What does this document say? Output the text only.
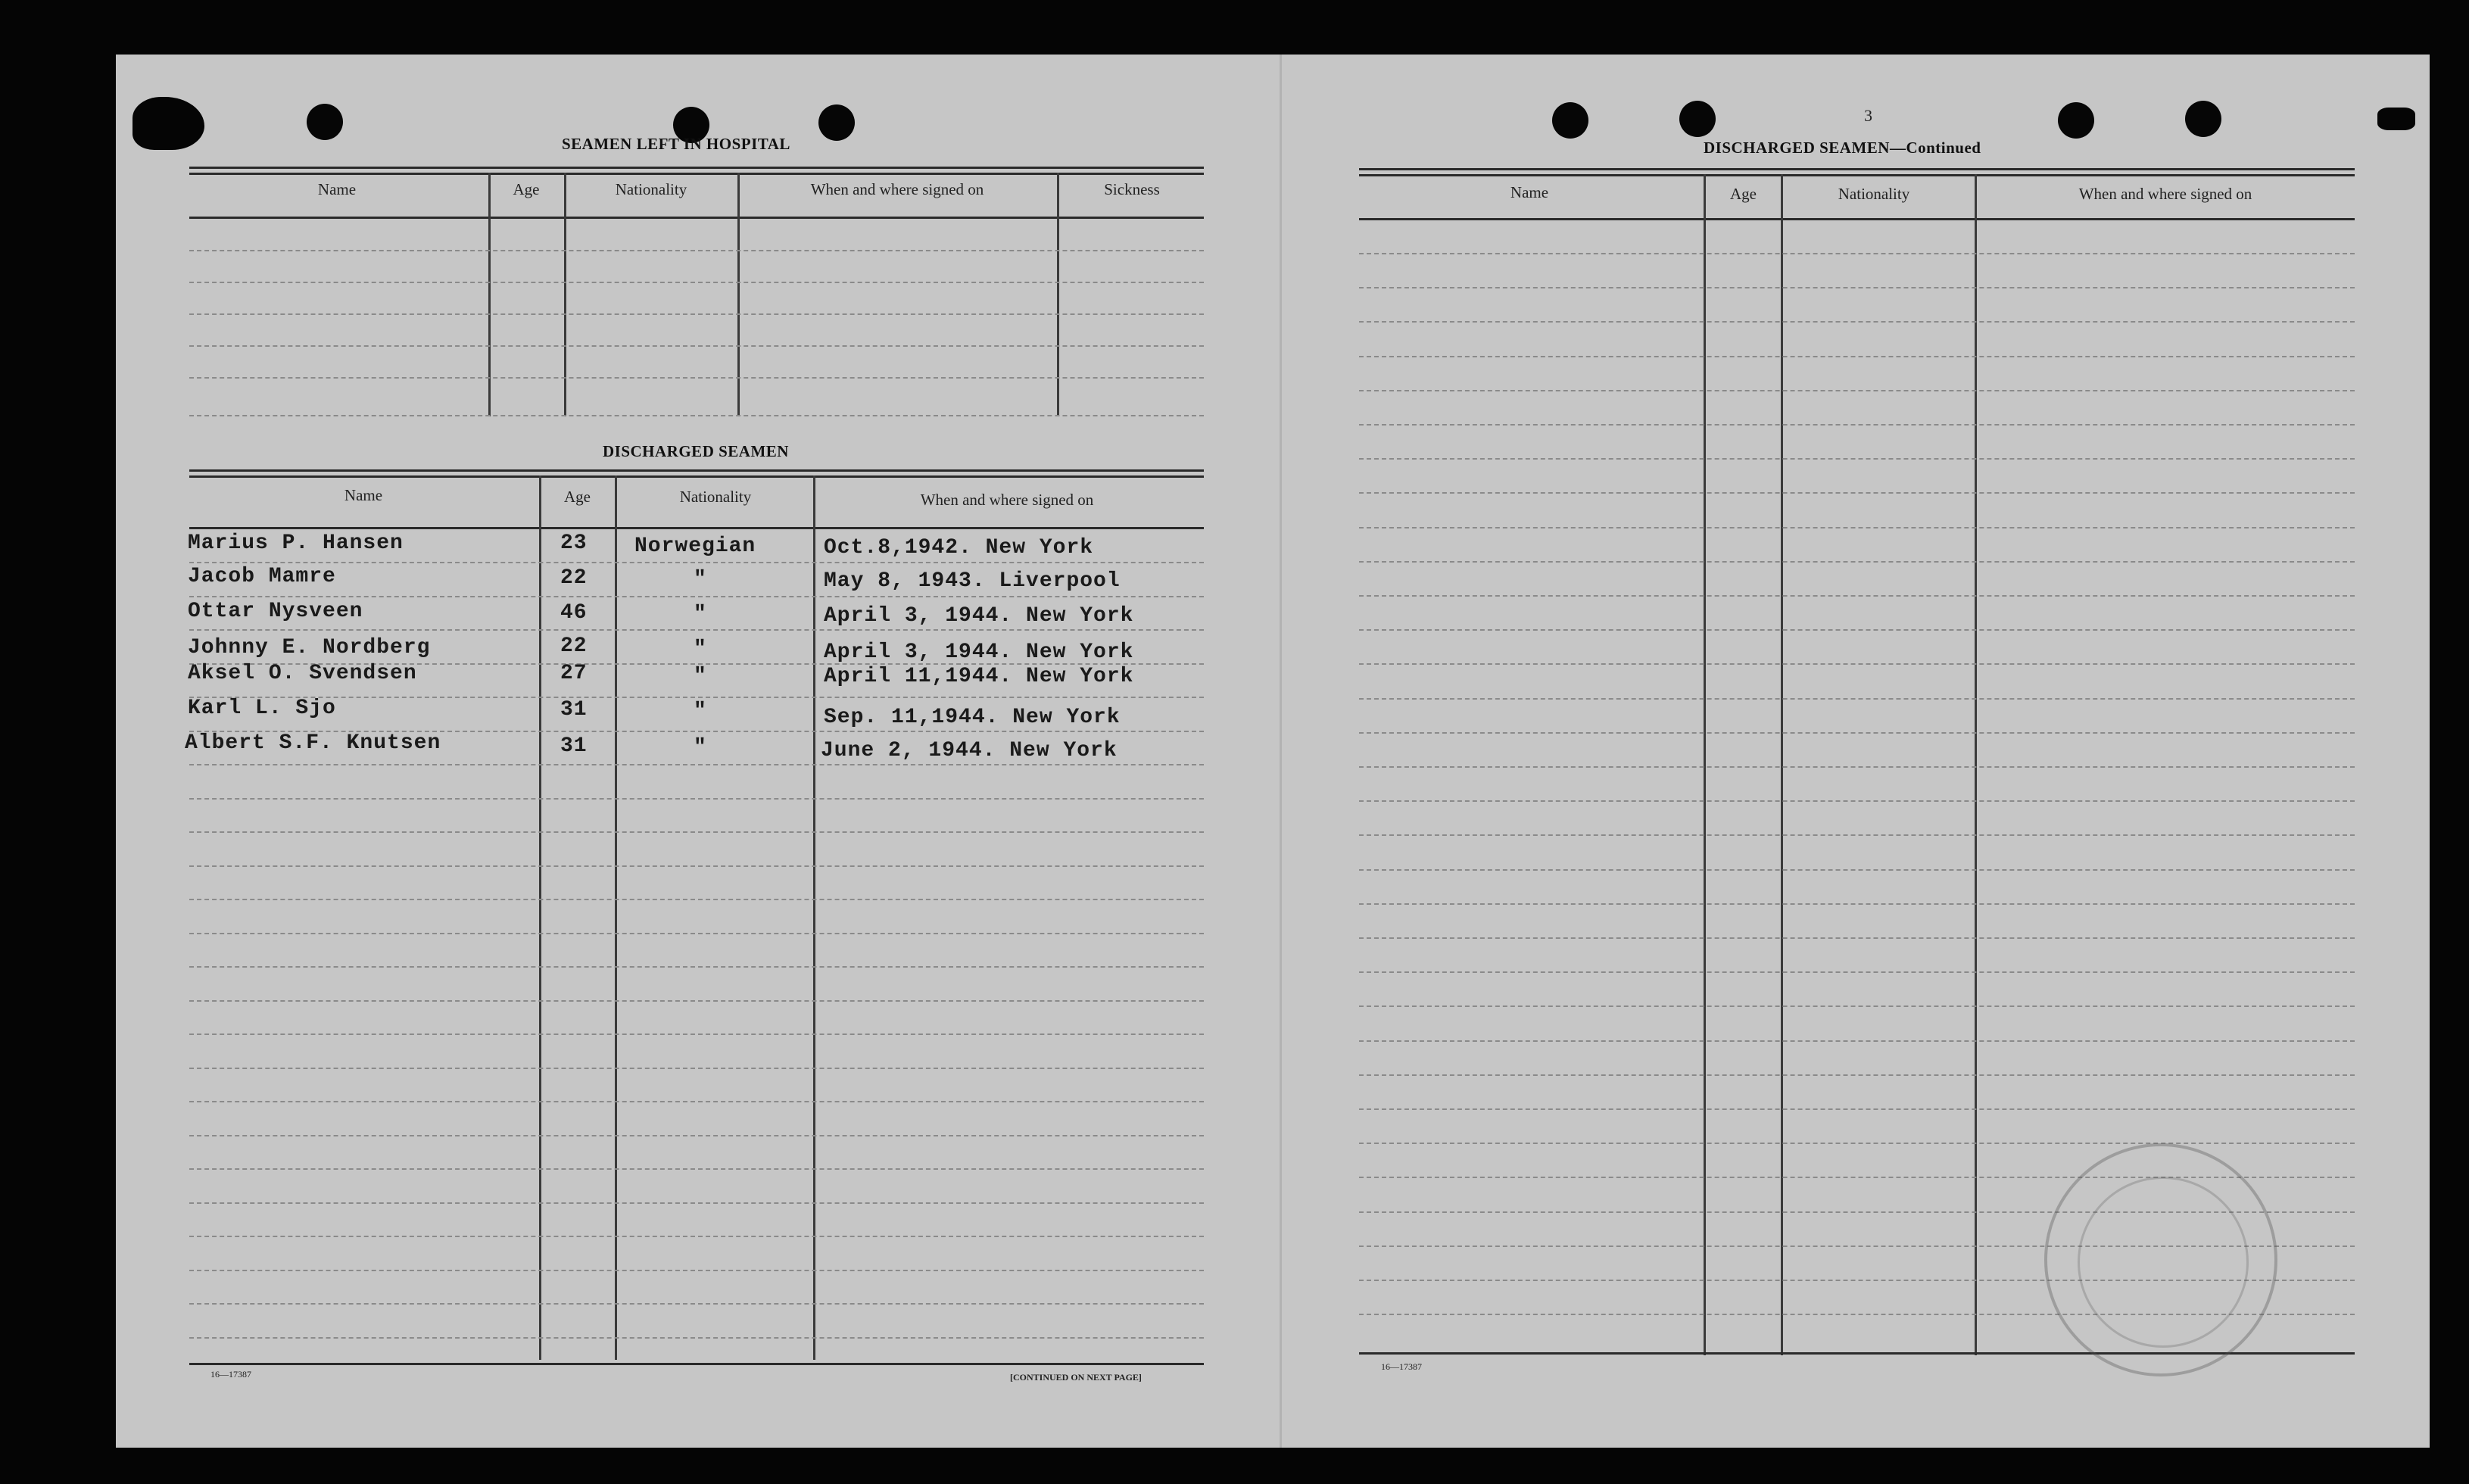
SEAMEN LEFT IN HOSPITAL
Name	Age	Nationality	When and where signed on	Sickness
DISCHARGED SEAMEN
Name	Age	Nationality	When and where signed on
Marius P. Hansen	23 Norwegian	Oct.8,1942. New York
Jacob Mamre	22	"	May 8, 1943. Liverpool
Ottar Nysveen	46	"	April 3, 1944. New York
Johnny E. Nordberg	22	"	April 3, 1944. New York
Aksel O. Svendsen	27	"	April 11,1944. New York
Karl L. Sjo	31	"	Sep. 11,1944. New York
Albert S.F. Knutsen	31	"	June 2, 1944. New York
16—17387	[CONTINUED ON NEXT PAGE]
3
DISCHARGED SEAMEN—Continued
Name	Age	Nationality	When and where signed on
16—17387
